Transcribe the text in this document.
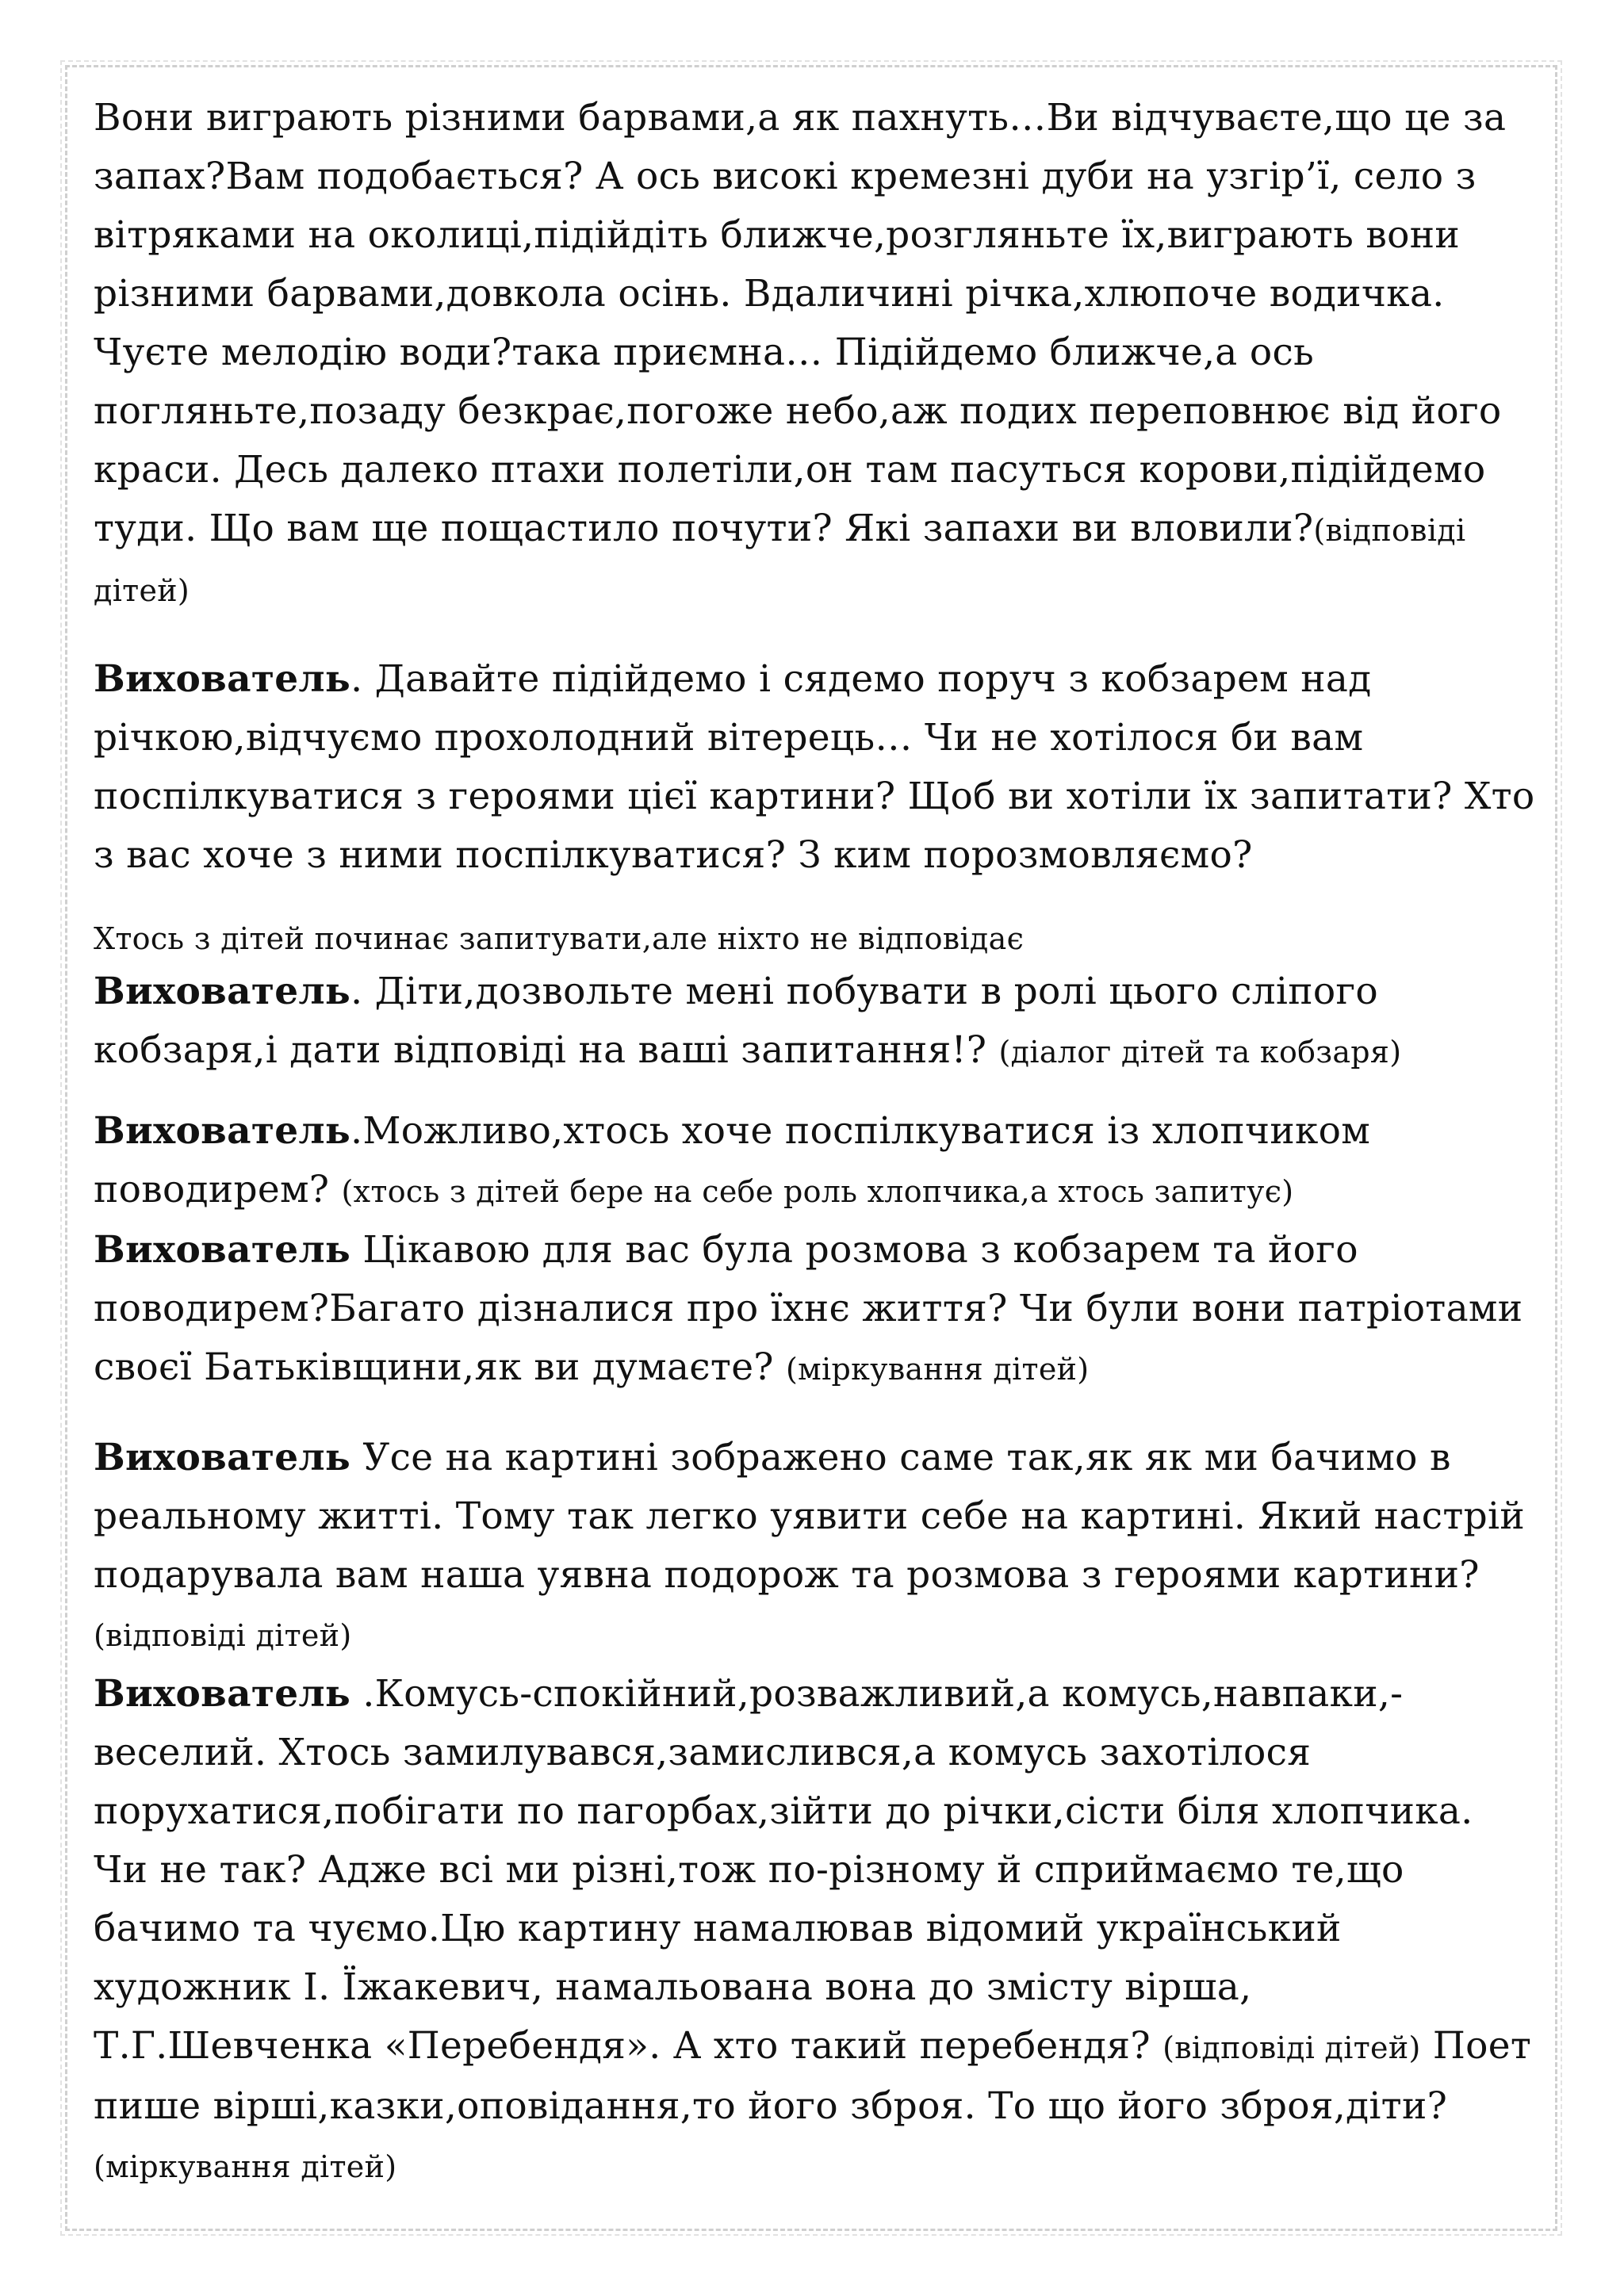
Вони виграють різними барвами,а як пахнуть…Ви відчуваєте,що це за запах?Вам подобається? А ось високі кремезні дуби на узгір’ї, село з вітряками на околиці,підійдіть ближче,розгляньте їх,виграють вони різними барвами,довкола осінь. Вдаличині річка,хлюпоче водичка. Чуєте мелодію води?така приємна… Підійдемо ближче,а ось погляньте,позаду безкрає,погоже небо,аж подих переповнює від його краси. Десь далеко птахи полетіли,он там пасуться корови,підійдемо туди. Що вам ще пощастило почути? Які запахи ви вловили?(відповіді дітей)

Вихователь. Давайте підійдемо і сядемо поруч з кобзарем над річкою,відчуємо прохолодний вітерець… Чи не хотілося би вам поспілкуватися з героями цієї картини? Щоб ви хотіли їх запитати? Хто з вас хоче з ними поспілкуватися? З ким порозмовляємо?

Хтось з дітей починає запитувати,але ніхто не відповідає

Вихователь. Діти,дозвольте мені побувати в ролі цього сліпого кобзаря,і дати відповіді на ваші запитання!? (діалог дітей та кобзаря)

Вихователь.Можливо,хтось хоче поспілкуватися із хлопчиком поводирем? (хтось з дітей бере на себе роль хлопчика,а хтось запитує)

Вихователь Цікавою для вас була розмова з кобзарем та його поводирем?Багато дізналися про їхнє життя? Чи були вони патріотами своєї Батьківщини,як ви думаєте? (міркування дітей)

Вихователь Усе на картині зображено саме так,як як ми бачимо в реальному житті. Тому так легко уявити себе на картині. Який настрій подарувала вам наша уявна подорож та розмова з героями картини?(відповіді дітей)

Вихователь .Комусь-спокійний,розважливий,а комусь,навпаки,-веселий. Хтось замилувався,замислився,а комусь захотілося порухатися,побігати по пагорбах,зійти до річки,сісти біля хлопчика. Чи не так? Адже всі ми різні,тож по-різному й сприймаємо те,що бачимо та чуємо.Цю картину намалював відомий український художник І. Їжакевич, намальована вона до змісту вірша, Т.Г.Шевченка «Перебендя». А хто такий перебендя? (відповіді дітей) Поет пише вірші,казки,оповідання,то його зброя. То що його зброя,діти?(міркування дітей)
